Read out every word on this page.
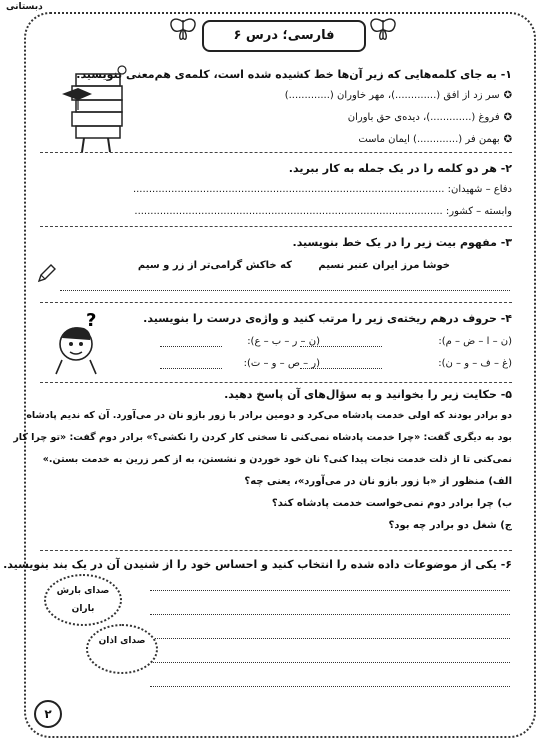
دبستانی
فارسی؛ درس ۶
۱- به جای کلمه‌هایی که زیر آن‌ها خط کشیده شده است، کلمه‌ی هم‌معنی بنویسید.
✪سر زد از افق (.............)، مهر خاوران (.............)
✪فروغ (.............)، دیده‌ی حق باوران
✪بهمن فر (.............) ایمان ماست
۲- هر دو کلمه را در یک جمله به کار ببرید.
دفاع – شهیدان: ..................................................................................................
وابسته – کشور: .................................................................................................
۳- مفهوم بیت زیر را در یک خط بنویسید.
خوشا مرز ایران عنبر نسیم
که خاکش گرامی‌تر از زر و سیم
۴- حروف درهم ریخته‌ی زیر را مرتب کنید و واژه‌ی درست را بنویسید.
(ن – ا – ض – م):
(ن – ر – ب – ع):
(غ – ف – و – ن):
(ر – ص – و – ت):
?
۵- حکایت زیر را بخوانید و به سؤال‌های آن پاسخ دهید.
دو برادر بودند که اولی خدمت پادشاه می‌کرد و دومین برادر با زور بازو نان در می‌آورد. آن که ندیم پادشاه
بود به دیگری گفت: «چرا خدمت پادشاه نمی‌کنی تا سختی کار کردن را نکشی؟» برادر دوم گفت: «تو چرا کار
نمی‌کنی تا از ذلت خدمت نجات پیدا کنی؟ نان خود خوردن و نشستن، به از کمر زرین به خدمت بستن.»
الف) منظور از «با زور بازو نان در می‌آورد»، یعنی چه؟
ب) چرا برادر دوم نمی‌خواست خدمت پادشاه کند؟
ج) شغل دو برادر چه بود؟
۶- یکی از موضوعات داده شده را انتخاب کنید و احساس خود را از شنیدن آن در یک بند بنویسید.
صدای بارش باران
صدای اذان
۲
